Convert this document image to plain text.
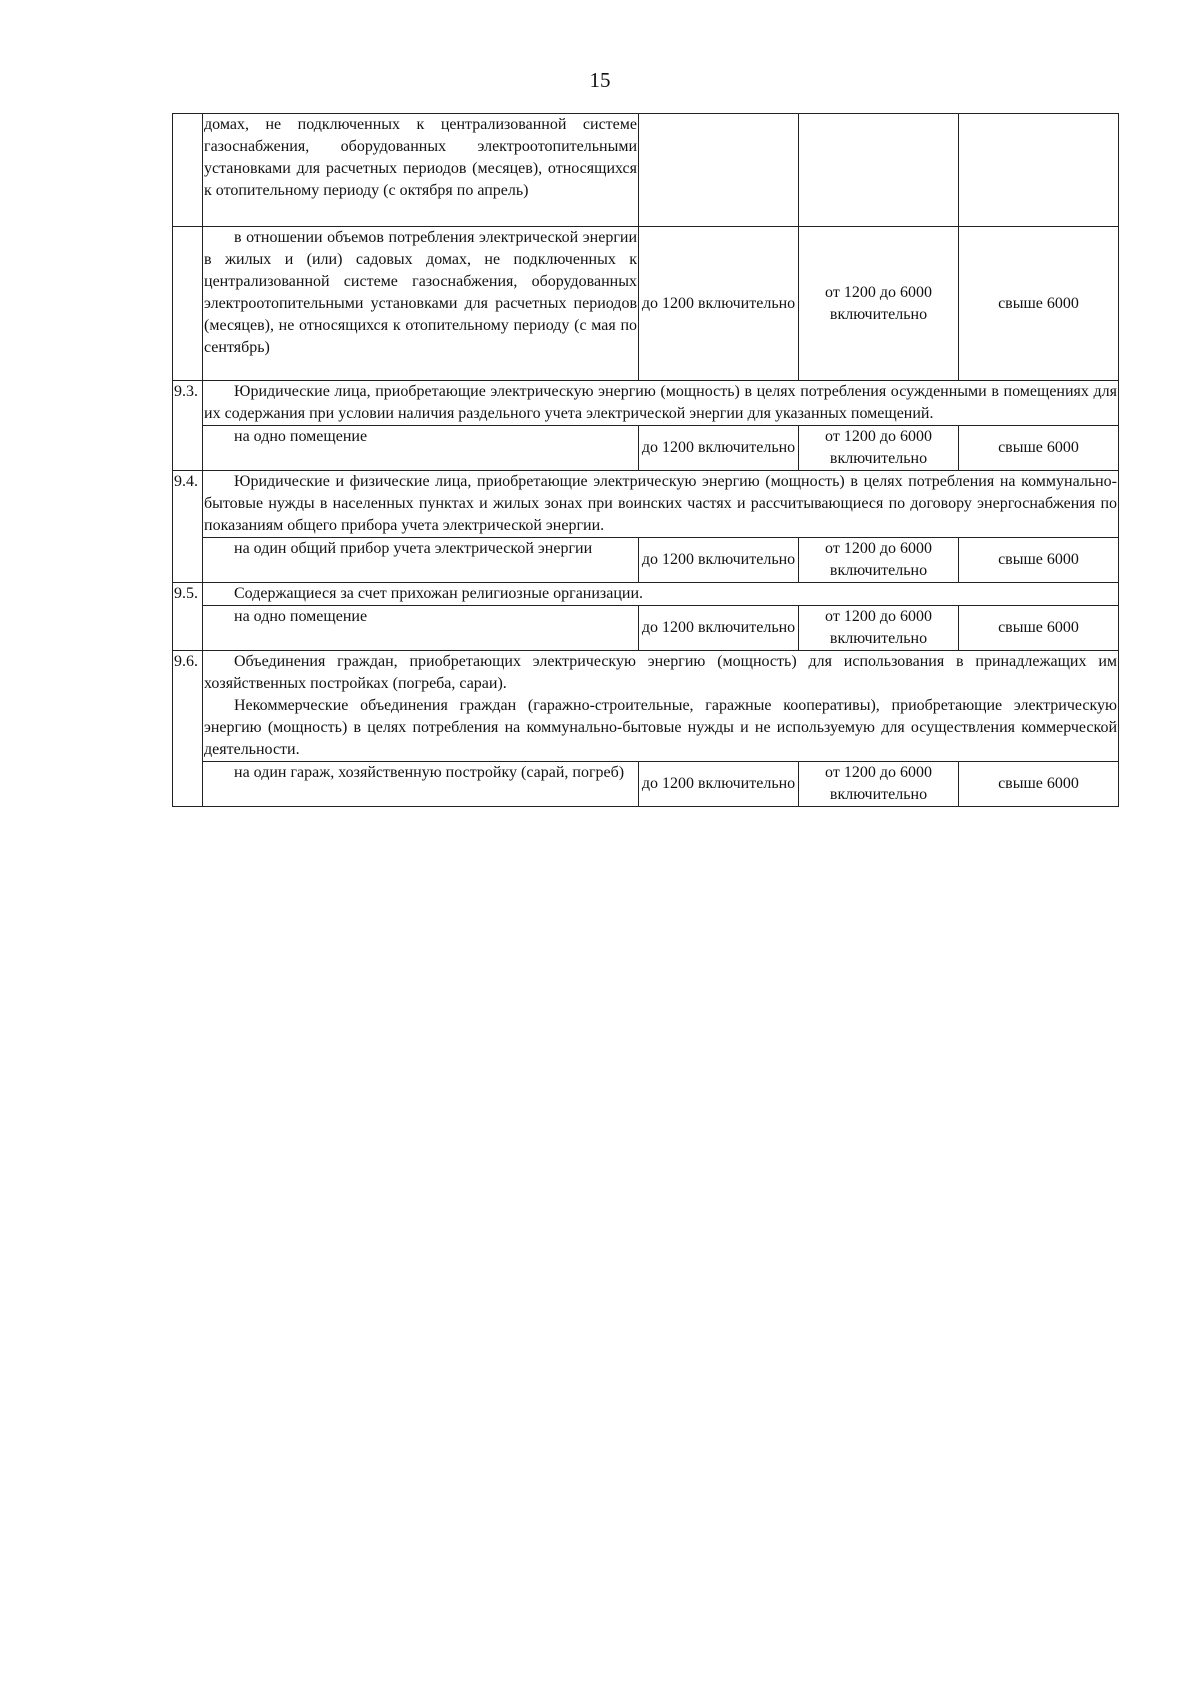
15
	домах, не подключенных к централизованной системе газоснабжения, оборудованных электроотопительными установками для расчетных периодов (месяцев), относящихся к отопительному периоду (с октября по апрель)			
	в отношении объемов потребления электрической энергии в жилых и (или) садовых домах, не подключенных к централизованной системе газоснабжения, оборудованных электроотопительными установками для расчетных периодов (месяцев), не относящихся к отопительному периоду (с мая по сентябрь)	до 1200 включительно	от 1200 до 6000 включительно	свыше 6000
9.3.	Юридические лица, приобретающие электрическую энергию (мощность) в целях потребления осужденными в помещениях для их содержания при условии наличия раздельного учета электрической энергии для указанных помещений.			
	на одно помещение	до 1200 включительно	от 1200 до 6000 включительно	свыше 6000
9.4.	Юридические и физические лица, приобретающие электрическую энергию (мощность) в целях потребления на коммунально-бытовые нужды в населенных пунктах и жилых зонах при воинских частях и рассчитывающиеся по договору энергоснабжения по показаниям общего прибора учета электрической энергии.			
	на один общий прибор учета электрической энергии	до 1200 включительно	от 1200 до 6000 включительно	свыше 6000
9.5.	Содержащиеся за счет прихожан религиозные организации.			
	на одно помещение	до 1200 включительно	от 1200 до 6000 включительно	свыше 6000
9.6.	Объединения граждан, приобретающих электрическую энергию (мощность) для использования в принадлежащих им хозяйственных постройках (погреба, сараи).

Некоммерческие объединения граждан (гаражно-строительные, гаражные кооперативы), приобретающие электрическую энергию (мощность) в целях потребления на коммунально-бытовые нужды и не используемую для осуществления коммерческой деятельности.			

	на один гараж, хозяйственную постройку (сарай, погреб)	до 1200 включительно	от 1200 до 6000 включительно	свыше 6000
